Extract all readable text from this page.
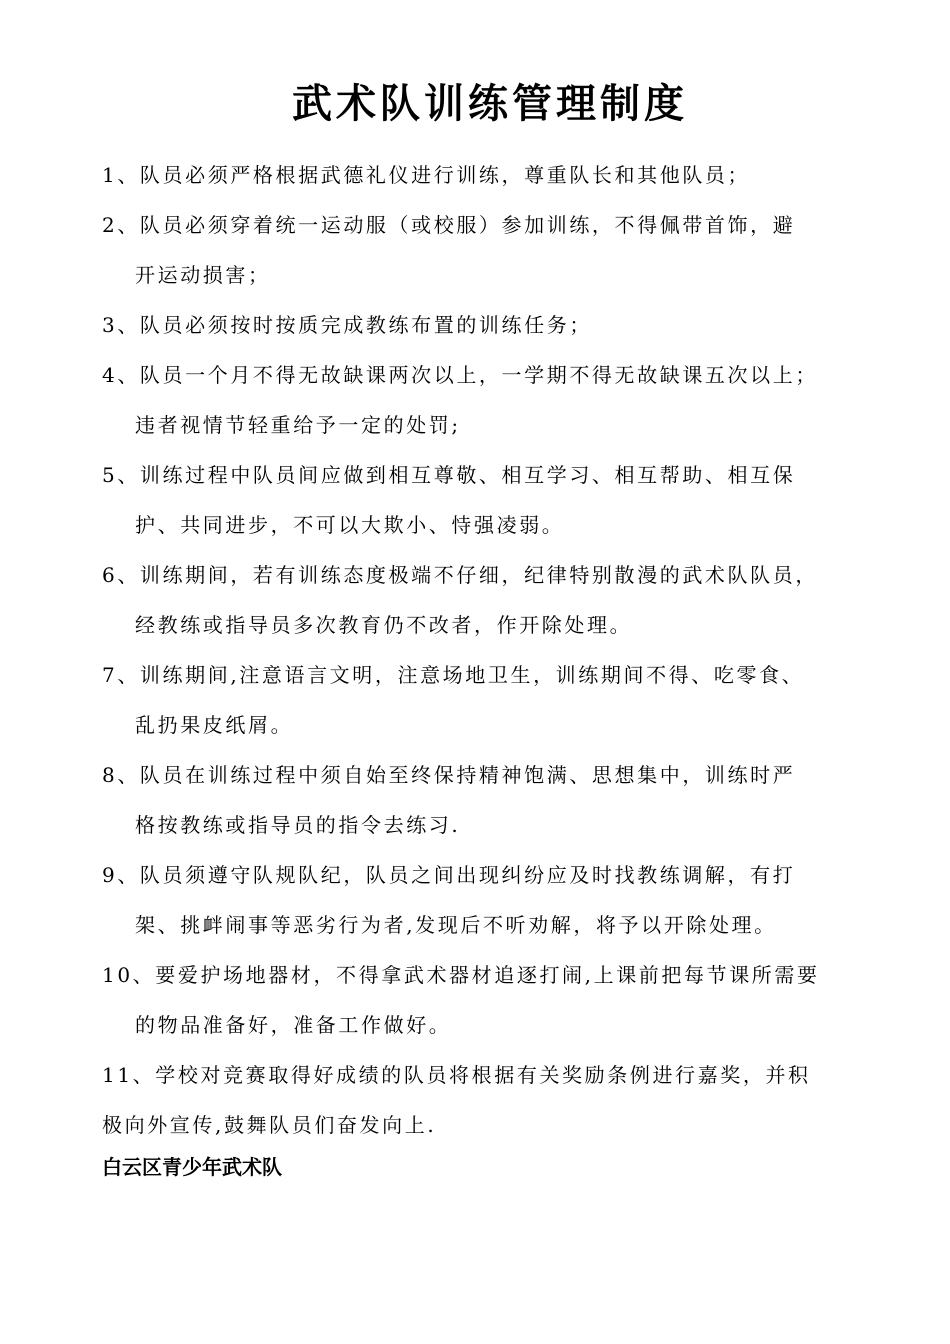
武术队训练管理制度
1、队员必须严格根据武德礼仪进行训练，尊重队长和其他队员；
2、队员必须穿着统一运动服（或校服）参加训练，不得佩带首饰，避
开运动损害；
3、队员必须按时按质完成教练布置的训练任务；
4、队员一个月不得无故缺课两次以上，一学期不得无故缺课五次以上；
违者视情节轻重给予一定的处罚;
5、训练过程中队员间应做到相互尊敬、相互学习、相互帮助、相互保
护、共同进步，不可以大欺小、恃强凌弱。
6、训练期间，若有训练态度极端不仔细，纪律特别散漫的武术队队员，
经教练或指导员多次教育仍不改者，作开除处理。
7、训练期间,注意语言文明，注意场地卫生，训练期间不得、吃零食、
乱扔果皮纸屑。
8、队员在训练过程中须自始至终保持精神饱满、思想集中，训练时严
格按教练或指导员的指令去练习.
9、队员须遵守队规队纪，队员之间出现纠纷应及时找教练调解，有打
架、挑衅闹事等恶劣行为者,发现后不听劝解，将予以开除处理。
10、要爱护场地器材，不得拿武术器材追逐打闹,上课前把每节课所需要
的物品准备好，准备工作做好。
11、学校对竞赛取得好成绩的队员将根据有关奖励条例进行嘉奖，并积
极向外宣传,鼓舞队员们奋发向上.

白云区青少年武术队
